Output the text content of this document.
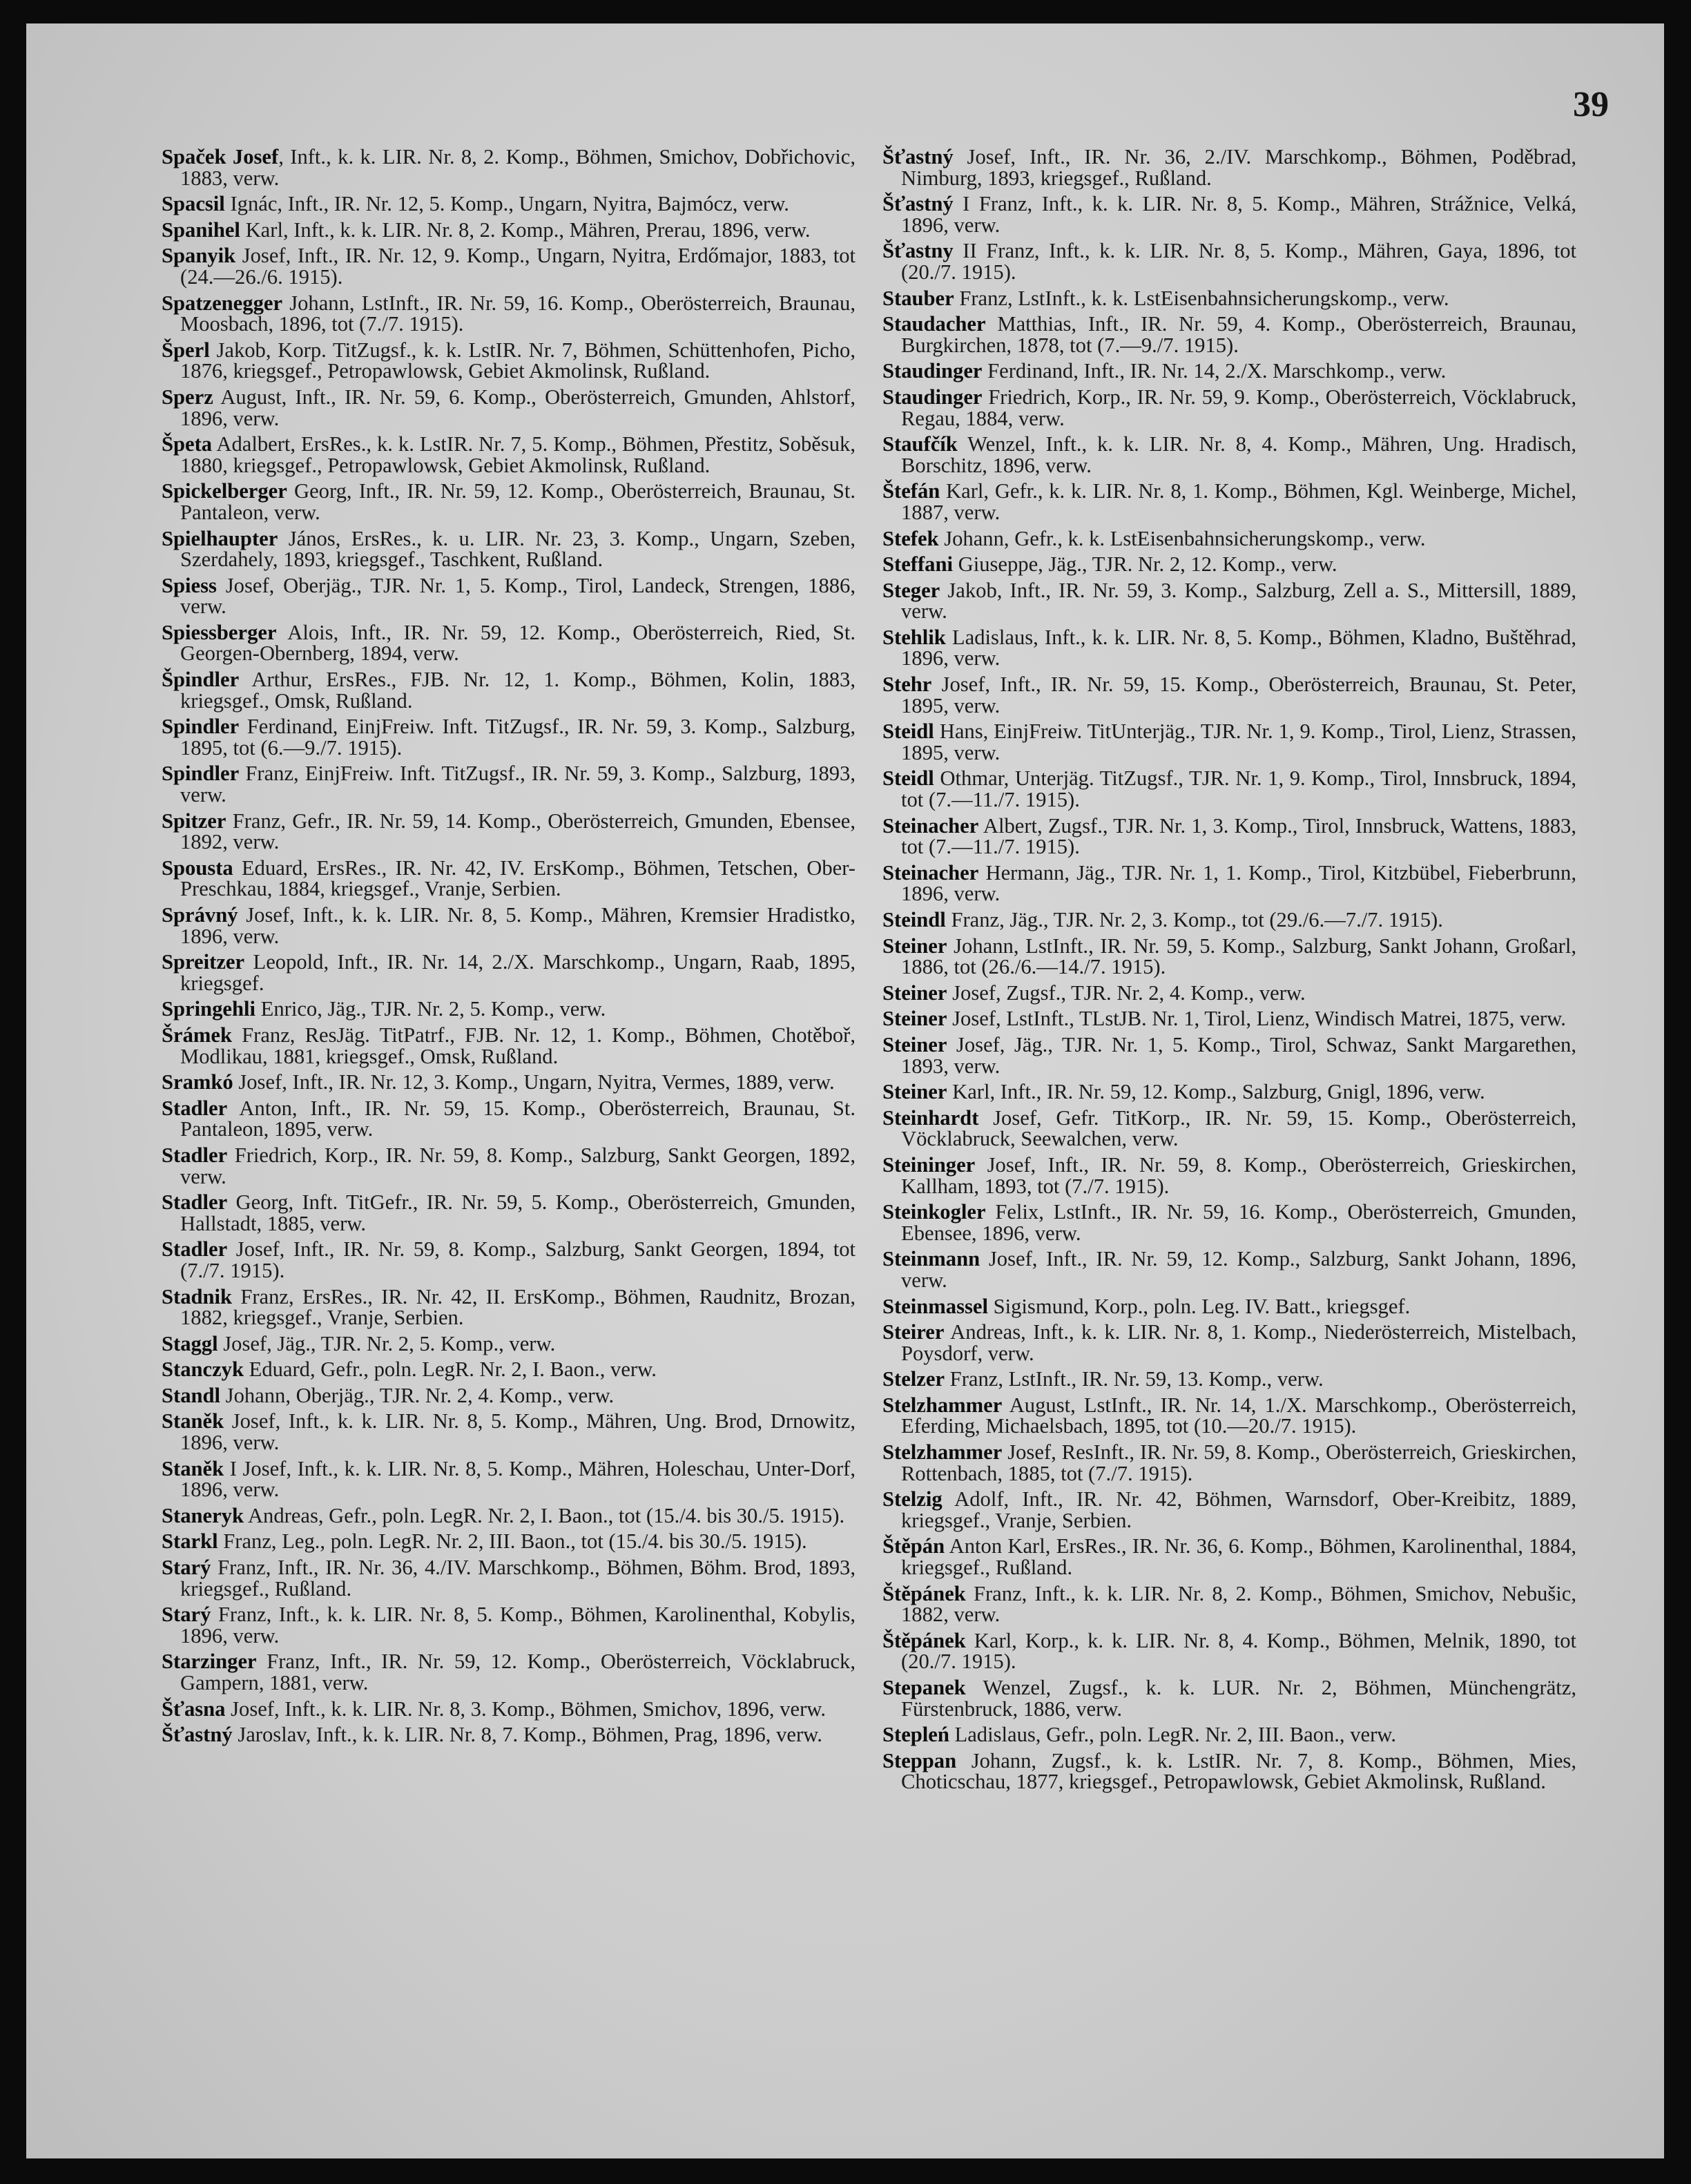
39

Spaček Josef, Inft., k. k. LIR. Nr. 8, 2. Komp., Böhmen, Smichov, Dobřichovic, 1883, verw.

Spacsil Ignác, Inft., IR. Nr. 12, 5. Komp., Ungarn, Nyitra, Bajmócz, verw.

Spanihel Karl, Inft., k. k. LIR. Nr. 8, 2. Komp., Mähren, Prerau, 1896, verw.

Spanyik Josef, Inft., IR. Nr. 12, 9. Komp., Ungarn, Nyitra, Erdőmajor, 1883, tot (24.—26./6. 1915).

Spatzenegger Johann, LstInft., IR. Nr. 59, 16. Komp., Oberösterreich, Braunau, Moosbach, 1896, tot (7./7. 1915).

Šperl Jakob, Korp. TitZugsf., k. k. LstIR. Nr. 7, Böhmen, Schüttenhofen, Picho, 1876, kriegsgef., Petropawlowsk, Gebiet Akmolinsk, Rußland.

Sperz August, Inft., IR. Nr. 59, 6. Komp., Oberösterreich, Gmunden, Ahlstorf, 1896, verw.

Špeta Adalbert, ErsRes., k. k. LstIR. Nr. 7, 5. Komp., Böhmen, Přestitz, Soběsuk, 1880, kriegsgef., Petropawlowsk, Gebiet Akmolinsk, Rußland.

Spickelberger Georg, Inft., IR. Nr. 59, 12. Komp., Oberösterreich, Braunau, St. Pantaleon, verw.

Spielhaupter János, ErsRes., k. u. LIR. Nr. 23, 3. Komp., Ungarn, Szeben, Szerdahely, 1893, kriegsgef., Taschkent, Rußland.

Spiess Josef, Oberjäg., TJR. Nr. 1, 5. Komp., Tirol, Landeck, Strengen, 1886, verw.

Spiessberger Alois, Inft., IR. Nr. 59, 12. Komp., Oberösterreich, Ried, St. Georgen-Obernberg, 1894, verw.

Špindler Arthur, ErsRes., FJB. Nr. 12, 1. Komp., Böhmen, Kolin, 1883, kriegsgef., Omsk, Rußland.

Spindler Ferdinand, EinjFreiw. Inft. TitZugsf., IR. Nr. 59, 3. Komp., Salzburg, 1895, tot (6.—9./7. 1915).

Spindler Franz, EinjFreiw. Inft. TitZugsf., IR. Nr. 59, 3. Komp., Salzburg, 1893, verw.

Spitzer Franz, Gefr., IR. Nr. 59, 14. Komp., Oberösterreich, Gmunden, Ebensee, 1892, verw.

Spousta Eduard, ErsRes., IR. Nr. 42, IV. ErsKomp., Böhmen, Tetschen, Ober-Preschkau, 1884, kriegsgef., Vranje, Serbien.

Správný Josef, Inft., k. k. LIR. Nr. 8, 5. Komp., Mähren, Kremsier Hradistko, 1896, verw.

Spreitzer Leopold, Inft., IR. Nr. 14, 2./X. Marschkomp., Ungarn, Raab, 1895, kriegsgef.

Springehli Enrico, Jäg., TJR. Nr. 2, 5. Komp., verw.

Šrámek Franz, ResJäg. TitPatrf., FJB. Nr. 12, 1. Komp., Böhmen, Chotěboř, Modlikau, 1881, kriegsgef., Omsk, Rußland.

Sramkó Josef, Inft., IR. Nr. 12, 3. Komp., Ungarn, Nyitra, Vermes, 1889, verw.

Stadler Anton, Inft., IR. Nr. 59, 15. Komp., Oberösterreich, Braunau, St. Pantaleon, 1895, verw.

Stadler Friedrich, Korp., IR. Nr. 59, 8. Komp., Salzburg, Sankt Georgen, 1892, verw.

Stadler Georg, Inft. TitGefr., IR. Nr. 59, 5. Komp., Oberösterreich, Gmunden, Hallstadt, 1885, verw.

Stadler Josef, Inft., IR. Nr. 59, 8. Komp., Salzburg, Sankt Georgen, 1894, tot (7./7. 1915).

Stadnik Franz, ErsRes., IR. Nr. 42, II. ErsKomp., Böhmen, Raudnitz, Brozan, 1882, kriegsgef., Vranje, Serbien.

Staggl Josef, Jäg., TJR. Nr. 2, 5. Komp., verw.

Stanczyk Eduard, Gefr., poln. LegR. Nr. 2, I. Baon., verw.

Standl Johann, Oberjäg., TJR. Nr. 2, 4. Komp., verw.

Staněk Josef, Inft., k. k. LIR. Nr. 8, 5. Komp., Mähren, Ung. Brod, Drnowitz, 1896, verw.

Staněk I Josef, Inft., k. k. LIR. Nr. 8, 5. Komp., Mähren, Holeschau, Unter-Dorf, 1896, verw.

Staneryk Andreas, Gefr., poln. LegR. Nr. 2, I. Baon., tot (15./4. bis 30./5. 1915).

Starkl Franz, Leg., poln. LegR. Nr. 2, III. Baon., tot (15./4. bis 30./5. 1915).

Starý Franz, Inft., IR. Nr. 36, 4./IV. Marschkomp., Böhmen, Böhm. Brod, 1893, kriegsgef., Rußland.

Starý Franz, Inft., k. k. LIR. Nr. 8, 5. Komp., Böhmen, Karolinenthal, Kobylis, 1896, verw.

Starzinger Franz, Inft., IR. Nr. 59, 12. Komp., Oberösterreich, Vöcklabruck, Gampern, 1881, verw.

Šťasna Josef, Inft., k. k. LIR. Nr. 8, 3. Komp., Böhmen, Smichov, 1896, verw.

Šťastný Jaroslav, Inft., k. k. LIR. Nr. 8, 7. Komp., Böhmen, Prag, 1896, verw.

Šťastný Josef, Inft., IR. Nr. 36, 2./IV. Marschkomp., Böhmen, Poděbrad, Nimburg, 1893, kriegsgef., Rußland.

Šťastný I Franz, Inft., k. k. LIR. Nr. 8, 5. Komp., Mähren, Strážnice, Velká, 1896, verw.

Šťastny II Franz, Inft., k. k. LIR. Nr. 8, 5. Komp., Mähren, Gaya, 1896, tot (20./7. 1915).

Stauber Franz, LstInft., k. k. LstEisenbahnsicherungskomp., verw.

Staudacher Matthias, Inft., IR. Nr. 59, 4. Komp., Oberösterreich, Braunau, Burgkirchen, 1878, tot (7.—9./7. 1915).

Staudinger Ferdinand, Inft., IR. Nr. 14, 2./X. Marschkomp., verw.

Staudinger Friedrich, Korp., IR. Nr. 59, 9. Komp., Oberösterreich, Vöcklabruck, Regau, 1884, verw.

Staufčík Wenzel, Inft., k. k. LIR. Nr. 8, 4. Komp., Mähren, Ung. Hradisch, Borschitz, 1896, verw.

Štefán Karl, Gefr., k. k. LIR. Nr. 8, 1. Komp., Böhmen, Kgl. Weinberge, Michel, 1887, verw.

Stefek Johann, Gefr., k. k. LstEisenbahnsicherungskomp., verw.

Steffani Giuseppe, Jäg., TJR. Nr. 2, 12. Komp., verw.

Steger Jakob, Inft., IR. Nr. 59, 3. Komp., Salzburg, Zell a. S., Mittersill, 1889, verw.

Stehlik Ladislaus, Inft., k. k. LIR. Nr. 8, 5. Komp., Böhmen, Kladno, Buštěhrad, 1896, verw.

Stehr Josef, Inft., IR. Nr. 59, 15. Komp., Oberösterreich, Braunau, St. Peter, 1895, verw.

Steidl Hans, EinjFreiw. TitUnterjäg., TJR. Nr. 1, 9. Komp., Tirol, Lienz, Strassen, 1895, verw.

Steidl Othmar, Unterjäg. TitZugsf., TJR. Nr. 1, 9. Komp., Tirol, Innsbruck, 1894, tot (7.—11./7. 1915).

Steinacher Albert, Zugsf., TJR. Nr. 1, 3. Komp., Tirol, Innsbruck, Wattens, 1883, tot (7.—11./7. 1915).

Steinacher Hermann, Jäg., TJR. Nr. 1, 1. Komp., Tirol, Kitzbübel, Fieberbrunn, 1896, verw.

Steindl Franz, Jäg., TJR. Nr. 2, 3. Komp., tot (29./6.—7./7. 1915).

Steiner Johann, LstInft., IR. Nr. 59, 5. Komp., Salzburg, Sankt Johann, Großarl, 1886, tot (26./6.—14./7. 1915).

Steiner Josef, Zugsf., TJR. Nr. 2, 4. Komp., verw.

Steiner Josef, LstInft., TLstJB. Nr. 1, Tirol, Lienz, Windisch Matrei, 1875, verw.

Steiner Josef, Jäg., TJR. Nr. 1, 5. Komp., Tirol, Schwaz, Sankt Margarethen, 1893, verw.

Steiner Karl, Inft., IR. Nr. 59, 12. Komp., Salzburg, Gnigl, 1896, verw.

Steinhardt Josef, Gefr. TitKorp., IR. Nr. 59, 15. Komp., Oberösterreich, Vöcklabruck, Seewalchen, verw.

Steininger Josef, Inft., IR. Nr. 59, 8. Komp., Oberösterreich, Grieskirchen, Kallham, 1893, tot (7./7. 1915).

Steinkogler Felix, LstInft., IR. Nr. 59, 16. Komp., Oberösterreich, Gmunden, Ebensee, 1896, verw.

Steinmann Josef, Inft., IR. Nr. 59, 12. Komp., Salzburg, Sankt Johann, 1896, verw.

Steinmassel Sigismund, Korp., poln. Leg. IV. Batt., kriegsgef.

Steirer Andreas, Inft., k. k. LIR. Nr. 8, 1. Komp., Niederösterreich, Mistelbach, Poysdorf, verw.

Stelzer Franz, LstInft., IR. Nr. 59, 13. Komp., verw.

Stelzhammer August, LstInft., IR. Nr. 14, 1./X. Marschkomp., Oberösterreich, Eferding, Michaelsbach, 1895, tot (10.—20./7. 1915).

Stelzhammer Josef, ResInft., IR. Nr. 59, 8. Komp., Oberösterreich, Grieskirchen, Rottenbach, 1885, tot (7./7. 1915).

Stelzig Adolf, Inft., IR. Nr. 42, Böhmen, Warnsdorf, Ober-Kreibitz, 1889, kriegsgef., Vranje, Serbien.

Štěpán Anton Karl, ErsRes., IR. Nr. 36, 6. Komp., Böhmen, Karolinenthal, 1884, kriegsgef., Rußland.

Štěpánek Franz, Inft., k. k. LIR. Nr. 8, 2. Komp., Böhmen, Smichov, Nebušic, 1882, verw.

Štěpánek Karl, Korp., k. k. LIR. Nr. 8, 4. Komp., Böhmen, Melnik, 1890, tot (20./7. 1915).

Stepanek Wenzel, Zugsf., k. k. LUR. Nr. 2, Böhmen, Münchengrätz, Fürstenbruck, 1886, verw.

Stepleń Ladislaus, Gefr., poln. LegR. Nr. 2, III. Baon., verw.

Steppan Johann, Zugsf., k. k. LstIR. Nr. 7, 8. Komp., Böhmen, Mies, Choticschau, 1877, kriegsgef., Petropawlowsk, Gebiet Akmolinsk, Rußland.
